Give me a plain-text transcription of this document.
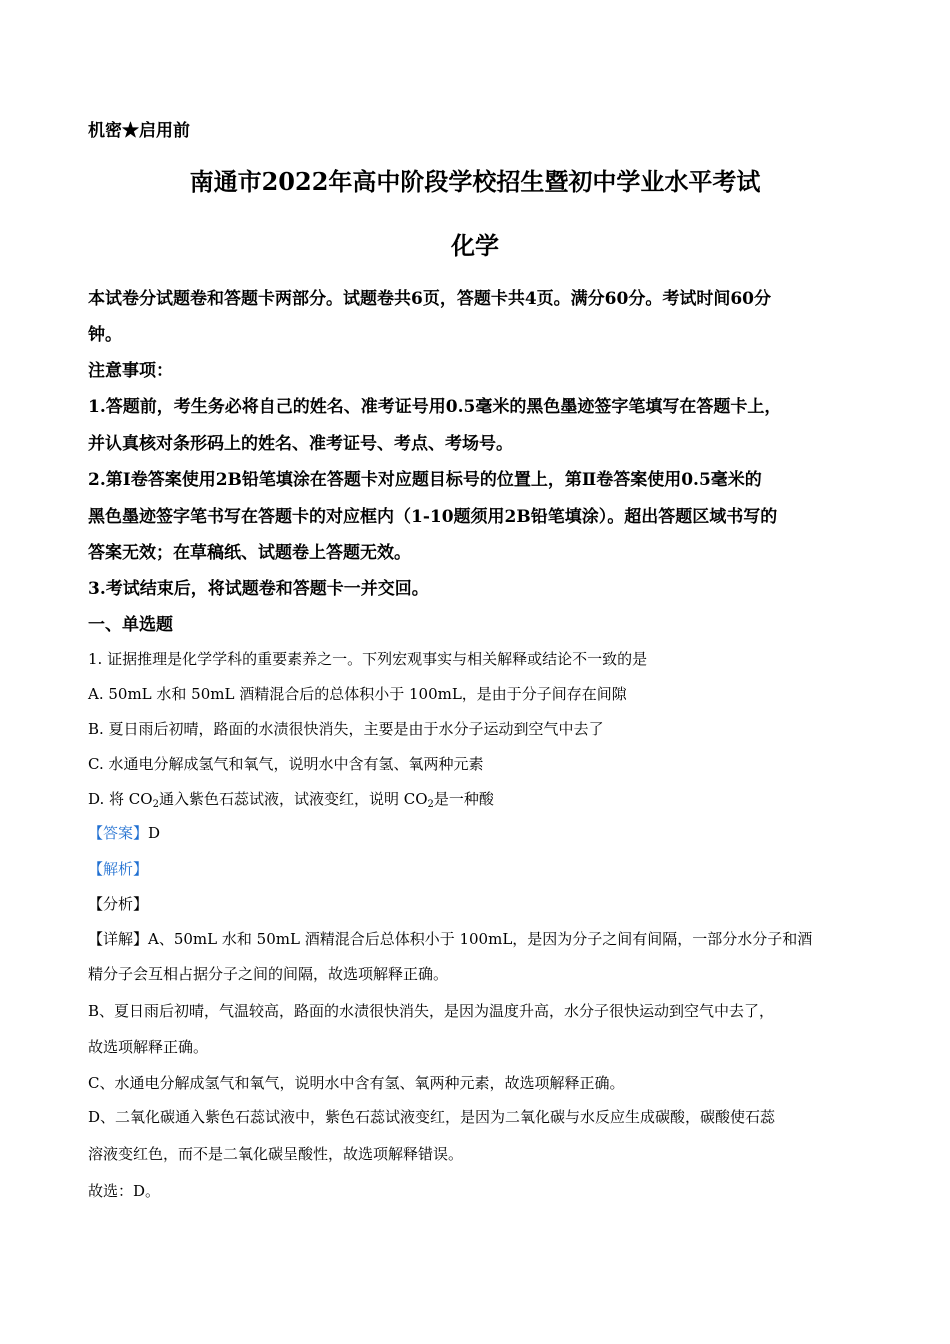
机密★启用前
南通市2022年高中阶段学校招生暨初中学业水平考试
化学
本试卷分试题卷和答题卡两部分。试题卷共6页，答题卡共4页。满分60分。考试时间60分
钟。
注意事项：
1.答题前，考生务必将自己的姓名、准考证号用0.5毫米的黑色墨迹签字笔填写在答题卡上，
并认真核对条形码上的姓名、准考证号、考点、考场号。
2.第Ⅰ卷答案使用2B铅笔填涂在答题卡对应题目标号的位置上，第Ⅱ卷答案使用0.5毫米的
黑色墨迹签字笔书写在答题卡的对应框内（1-10题须用2B铅笔填涂）。超出答题区域书写的
答案无效；在草稿纸、试题卷上答题无效。
3.考试结束后，将试题卷和答题卡一并交回。
一、单选题
1. 证据推理是化学学科的重要素养之一。下列宏观事实与相关解释或结论不一致的是
A. 50mL 水和 50mL 酒精混合后的总体积小于 100mL，是由于分子间存在间隙
B. 夏日雨后初晴，路面的水渍很快消失，主要是由于水分子运动到空气中去了
C. 水通电分解成氢气和氧气，说明水中含有氢、氧两种元素
D. 将 $CO_2$通入紫色石蕊试液，试液变红，说明 $CO_2$是一种酸
【答案】D
【解析】
【分析】
【详解】A、50mL 水和 50mL 酒精混合后总体积小于 100mL，是因为分子之间有间隔，一部分水分子和酒
精分子会互相占据分子之间的间隔，故选项解释正确。
B、夏日雨后初晴，气温较高，路面的水渍很快消失，是因为温度升高，水分子很快运动到空气中去了，
故选项解释正确。
C、水通电分解成氢气和氧气，说明水中含有氢、氧两种元素，故选项解释正确。
D、二氧化碳通入紫色石蕊试液中，紫色石蕊试液变红，是因为二氧化碳与水反应生成碳酸，碳酸使石蕊
溶液变红色，而不是二氧化碳呈酸性，故选项解释错误。
故选：D。
